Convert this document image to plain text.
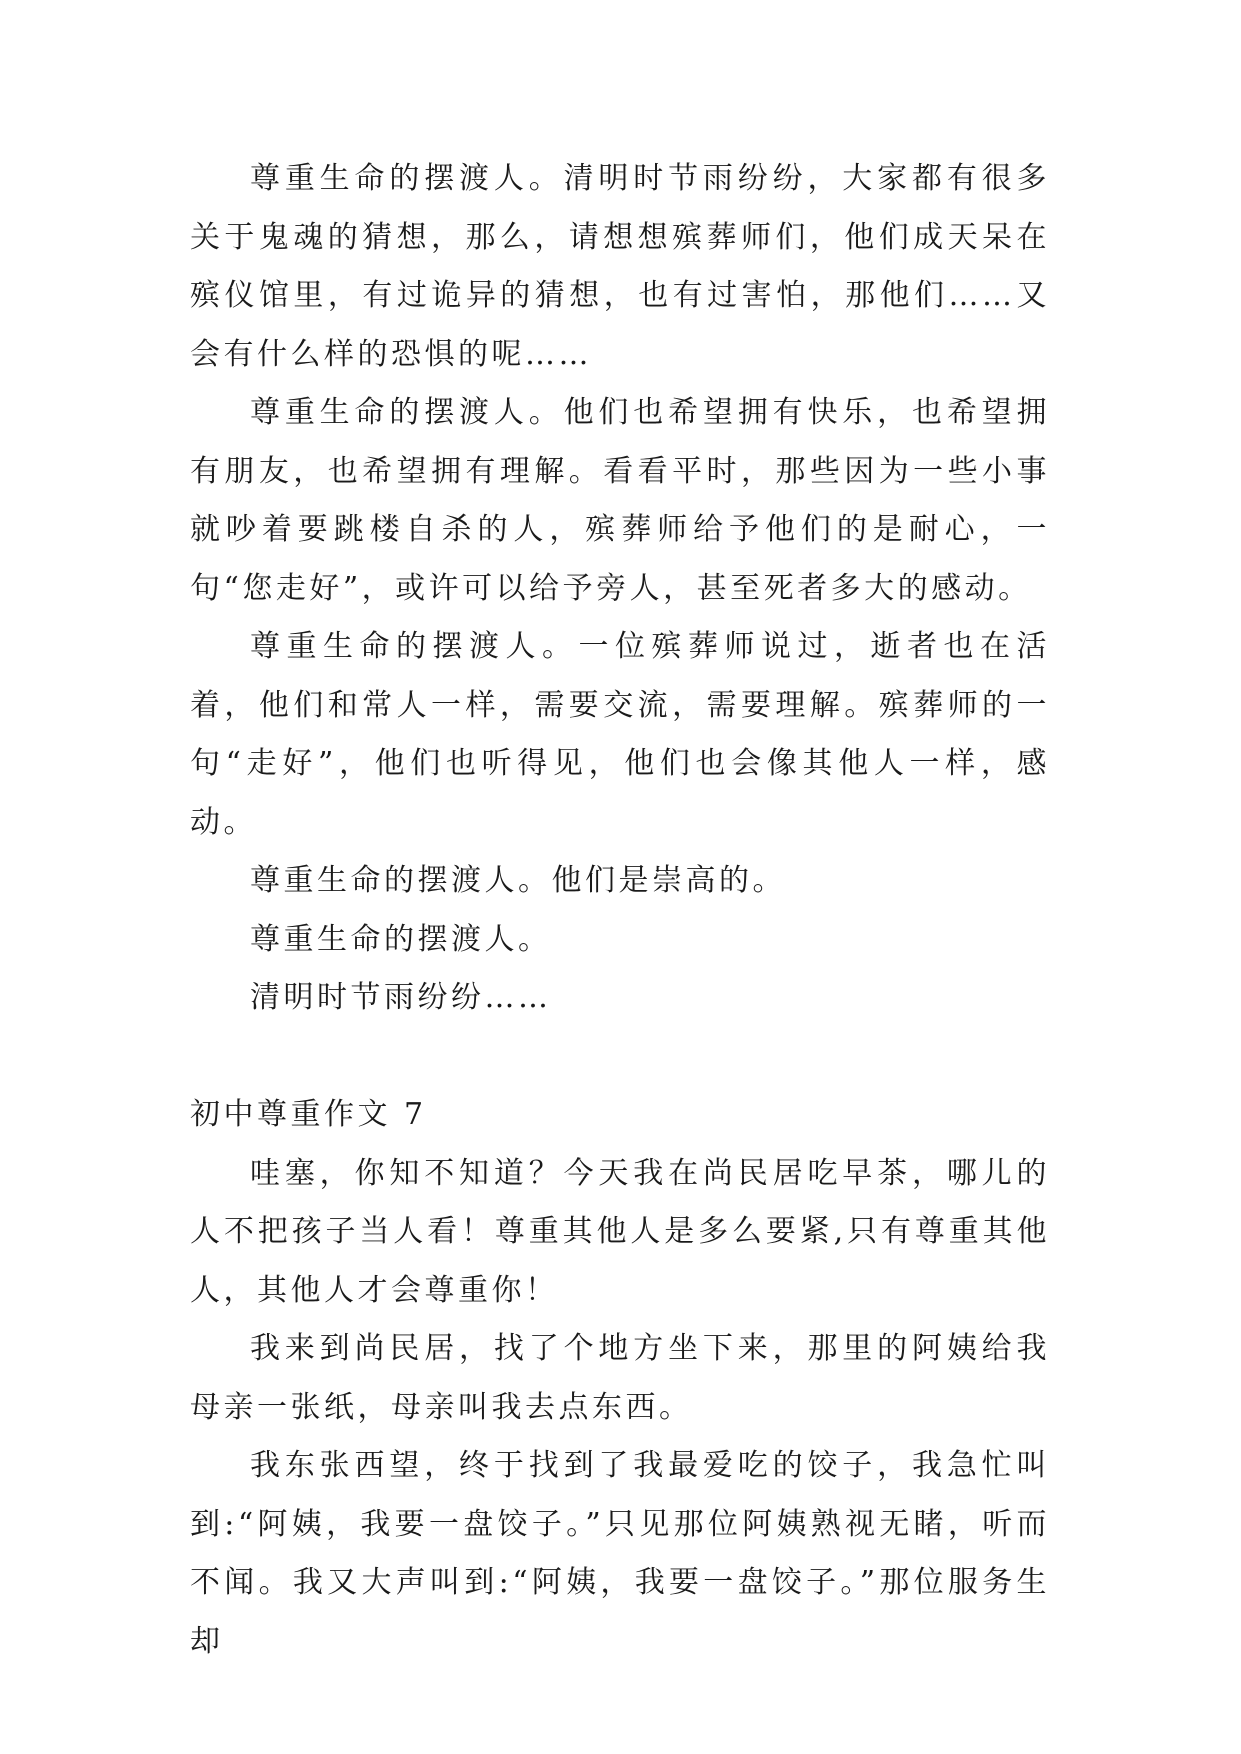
尊重生命的摆渡人。清明时节雨纷纷，大家都有很多关于鬼魂的猜想，那么，请想想殡葬师们，他们成天呆在殡仪馆里，有过诡异的猜想，也有过害怕，那他们……又会有什么样的恐惧的呢……

尊重生命的摆渡人。他们也希望拥有快乐，也希望拥有朋友，也希望拥有理解。看看平时，那些因为一些小事就吵着要跳楼自杀的人，殡葬师给予他们的是耐心，一句“您走好”，或许可以给予旁人，甚至死者多大的感动。

尊重生命的摆渡人。一位殡葬师说过，逝者也在活着，他们和常人一样，需要交流，需要理解。殡葬师的一句“走好”，他们也听得见，他们也会像其他人一样，感动。

尊重生命的摆渡人。他们是崇高的。

尊重生命的摆渡人。

清明时节雨纷纷……

初中尊重作文 7

哇塞，你知不知道？今天我在尚民居吃早茶，哪儿的人不把孩子当人看！尊重其他人是多么要紧,只有尊重其他人，其他人才会尊重你！

我来到尚民居，找了个地方坐下来，那里的阿姨给我母亲一张纸，母亲叫我去点东西。

我东张西望，终于找到了我最爱吃的饺子，我急忙叫到:“阿姨，我要一盘饺子。”只见那位阿姨熟视无睹，听而不闻。我又大声叫到:“阿姨，我要一盘饺子。”那位服务生却
